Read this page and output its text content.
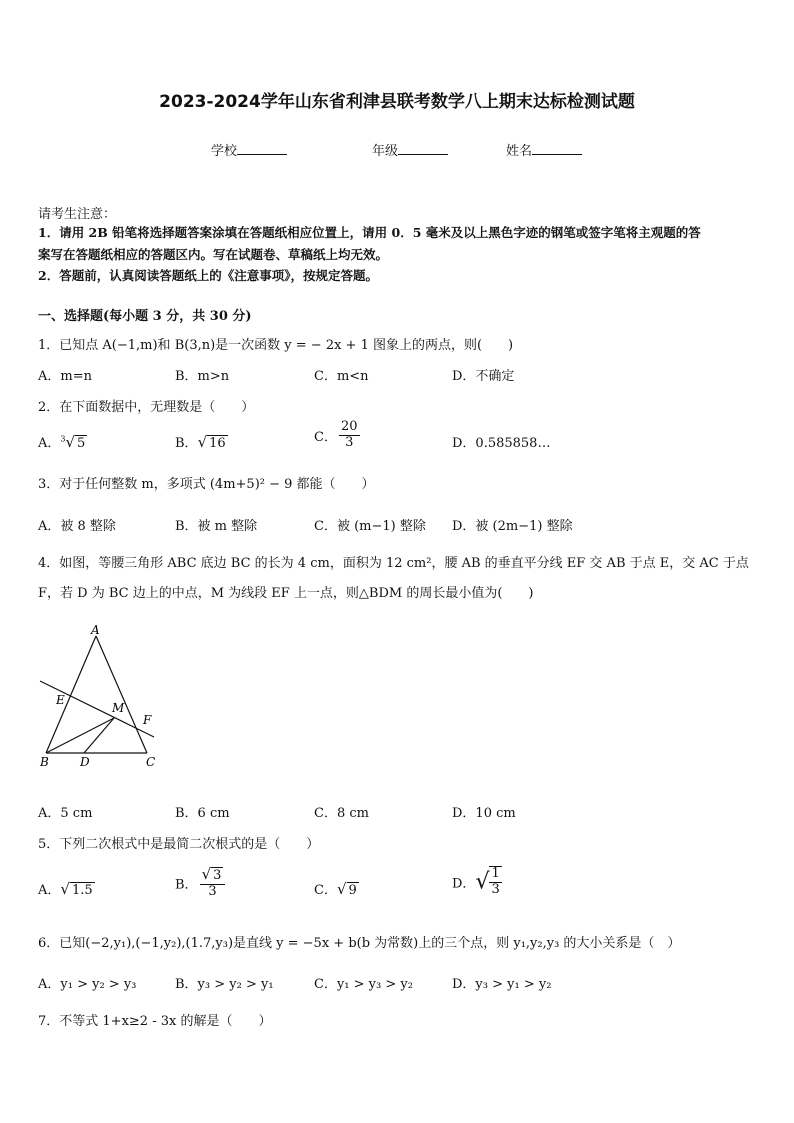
2023-2024学年山东省利津县联考数学八上期末达标检测试题
学校	年级	姓名
请考生注意：
1．请用 2B 铅笔将选择题答案涂填在答题纸相应位置上，请用 0．5 毫米及以上黑色字迹的钢笔或签字笔将主观题的答
案写在答题纸相应的答题区内。写在试题卷、草稿纸上均无效。
2．答题前，认真阅读答题纸上的《注意事项》，按规定答题。
一、选择题(每小题 3 分，共 30 分)
1．已知点 A(−1,m)和 B(3,n)是一次函数 y = − 2x + 1 图象上的两点，则(　　)
A．m=n	B．m>n	C．m<n	D．不确定
2．在下面数据中，无理数是（　　）
A．$^3$√ 5	B．√ 16	C． $\frac{20}{3}$	D．0.585858…
3．对于任何整数 m，多项式 (4m+5)² − 9 都能（　　）
A．被 8 整除	B．被 m 整除	C．被 (m−1) 整除 D．被 (2m−1) 整除
4．如图，等腰三角形 ABC 底边 BC 的长为 4 cm，面积为 12 cm²，腰 AB 的垂直平分线 EF 交 AB 于点 E，交 AC 于点
F，若 D 为 BC 边上的中点，M 为线段 EF 上一点，则△BDM 的周长最小值为(　　)
A
E
M
F
B	D	C
A．5 cm	B．6 cm	C．8 cm	D．10 cm
5．下列二次根式中是最简二次根式的是（　　）
A．√ 1.5	B． $\frac{√ 3}{3}$	C．√ 9	D．√ $\frac{1}{3}$
6．已知(−2,y₁),(−1,y₂),(1.7,y₃)是直线 y = −5x + b(b 为常数)上的三个点，则 y₁,y₂,y₃ 的大小关系是（　）
A．y₁ > y₂ > y₃	B．y₃ > y₂ > y₁	C．y₁ > y₃ > y₂	D．y₃ > y₁ > y₂
7．不等式 1+x≥2 - 3x 的解是（　　）
